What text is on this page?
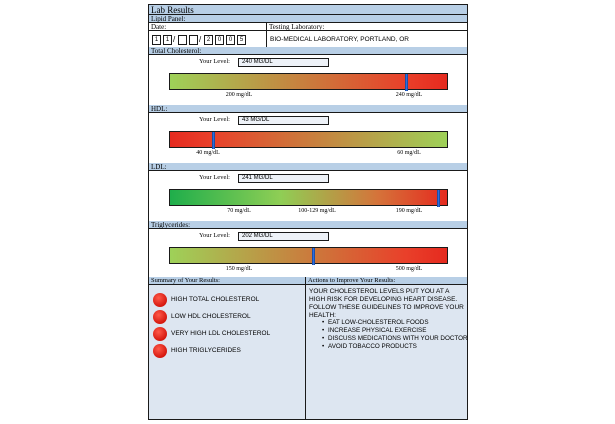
Lab Results
Lipid Panel:
Date:
1	1 /	/ 2	0	0	5
Testing Laboratory:
BIO-MEDICAL LABORATORY, PORTLAND, OR
Total Cholesterol:
Your Level:	240 MG/DL
200 mg/dL	240 mg/dL
HDL:
Your Level:	43 MG/DL
40 mg/dL	60 mg/dL
LDL:
Your Level:	241 MG/DL
70 mg/dL	100-129 mg/dL	190 mg/dL
Triglycerides:
Your Level:	202 MG/DL
150 mg/dL	500 mg/dL
Summary of Your Results:
HIGH TOTAL CHOLESTEROL
LOW HDL CHOLESTEROL
VERY HIGH LDL CHOLESTEROL
HIGH TRIGLYCERIDES
Actions to Improve Your Results:
YOUR CHOLESTEROL LEVELS PUT YOU AT A HIGH RISK FOR DEVELOPING HEART DISEASE. FOLLOW THESE GUIDELINES TO IMPROVE YOUR HEALTH:
• EAT LOW-CHOLESTEROL FOODS
• INCREASE PHYSICAL EXERCISE
• DISCUSS MEDICATIONS WITH YOUR DOCTOR
• AVOID TOBACCO PRODUCTS
